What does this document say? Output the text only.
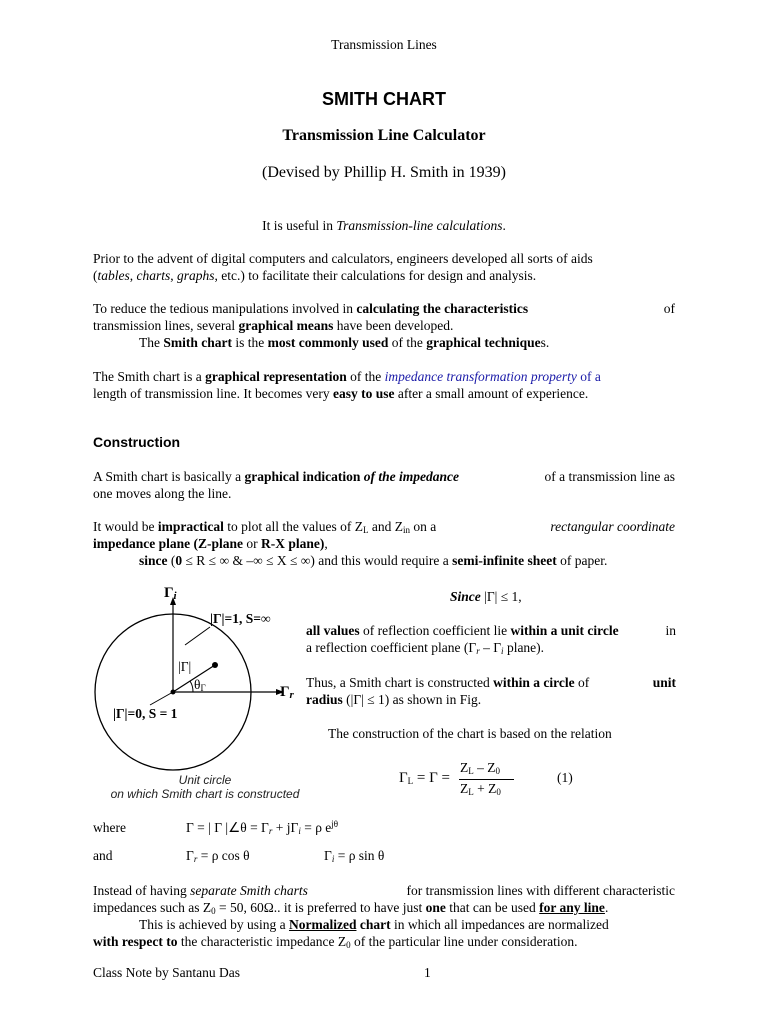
Transmission Lines
SMITH CHART
Transmission Line Calculator
(Devised by Phillip H. Smith in 1939)
It is useful in Transmission-line calculations.
Prior to the advent of digital computers and calculators, engineers developed all sorts of aids
(tables, charts, graphs, etc.) to facilitate their calculations for design and analysis.
To reduce the tedious manipulations involved in calculating the characteristics	of
transmission lines, several graphical means have been developed.
The Smith chart is the most commonly used of the graphical techniques.
The Smith chart is a graphical representation of the impedance transformation property of a
length of transmission line. It becomes very easy to use after a small amount of experience.
Construction
A Smith chart is basically a graphical indication of the impedance	of a transmission line as
one moves along the line.
It would be impractical to plot all the values of $Z_L$ and $Z_{in}$ on a	rectangular coordinate
impedance plane (Z-plane or R-X plane),
since (0 ≤ R ≤ ∞ & –∞ ≤ X ≤ ∞) and this would require a semi-infinite sheet of paper.
$\Gamma_i$
|Γ|=1, S=∞
|Γ|
$\theta_\Gamma$	$\Gamma_r$
|Γ|=0, S = 1
Unit circle
on which Smith chart is constructed
Since |Γ| ≤ 1,
all values of reflection coefficient lie within a unit circle	in
a reflection coefficient plane ($\Gamma_r - \Gamma_i$ plane).
Thus, a Smith chart is constructed within a circle of	unit
radius (|Γ| ≤ 1) as shown in Fig.
The construction of the chart is based on the relation
$\Gamma_L = \Gamma$ =
$Z_L - Z_0$
$Z_L + Z_0$
(1)
where	Γ = | Γ |∠θ = $\Gamma_r + j\Gamma_i = \rho$ $e^{j\theta}$
and	$\Gamma_r = \rho$ cos θ	$\Gamma_i = \rho$ sin θ
Instead of having separate Smith charts	for transmission lines with different characteristic
impedances such as $Z_0 = 50$, 60Ω.. it is preferred to have just one that can be used for any line.
This is achieved by using a Normalized chart in which all impedances are normalized
with respect to the characteristic impedance $Z_0$ of the particular line under consideration.
Class Note by Santanu Das	1
